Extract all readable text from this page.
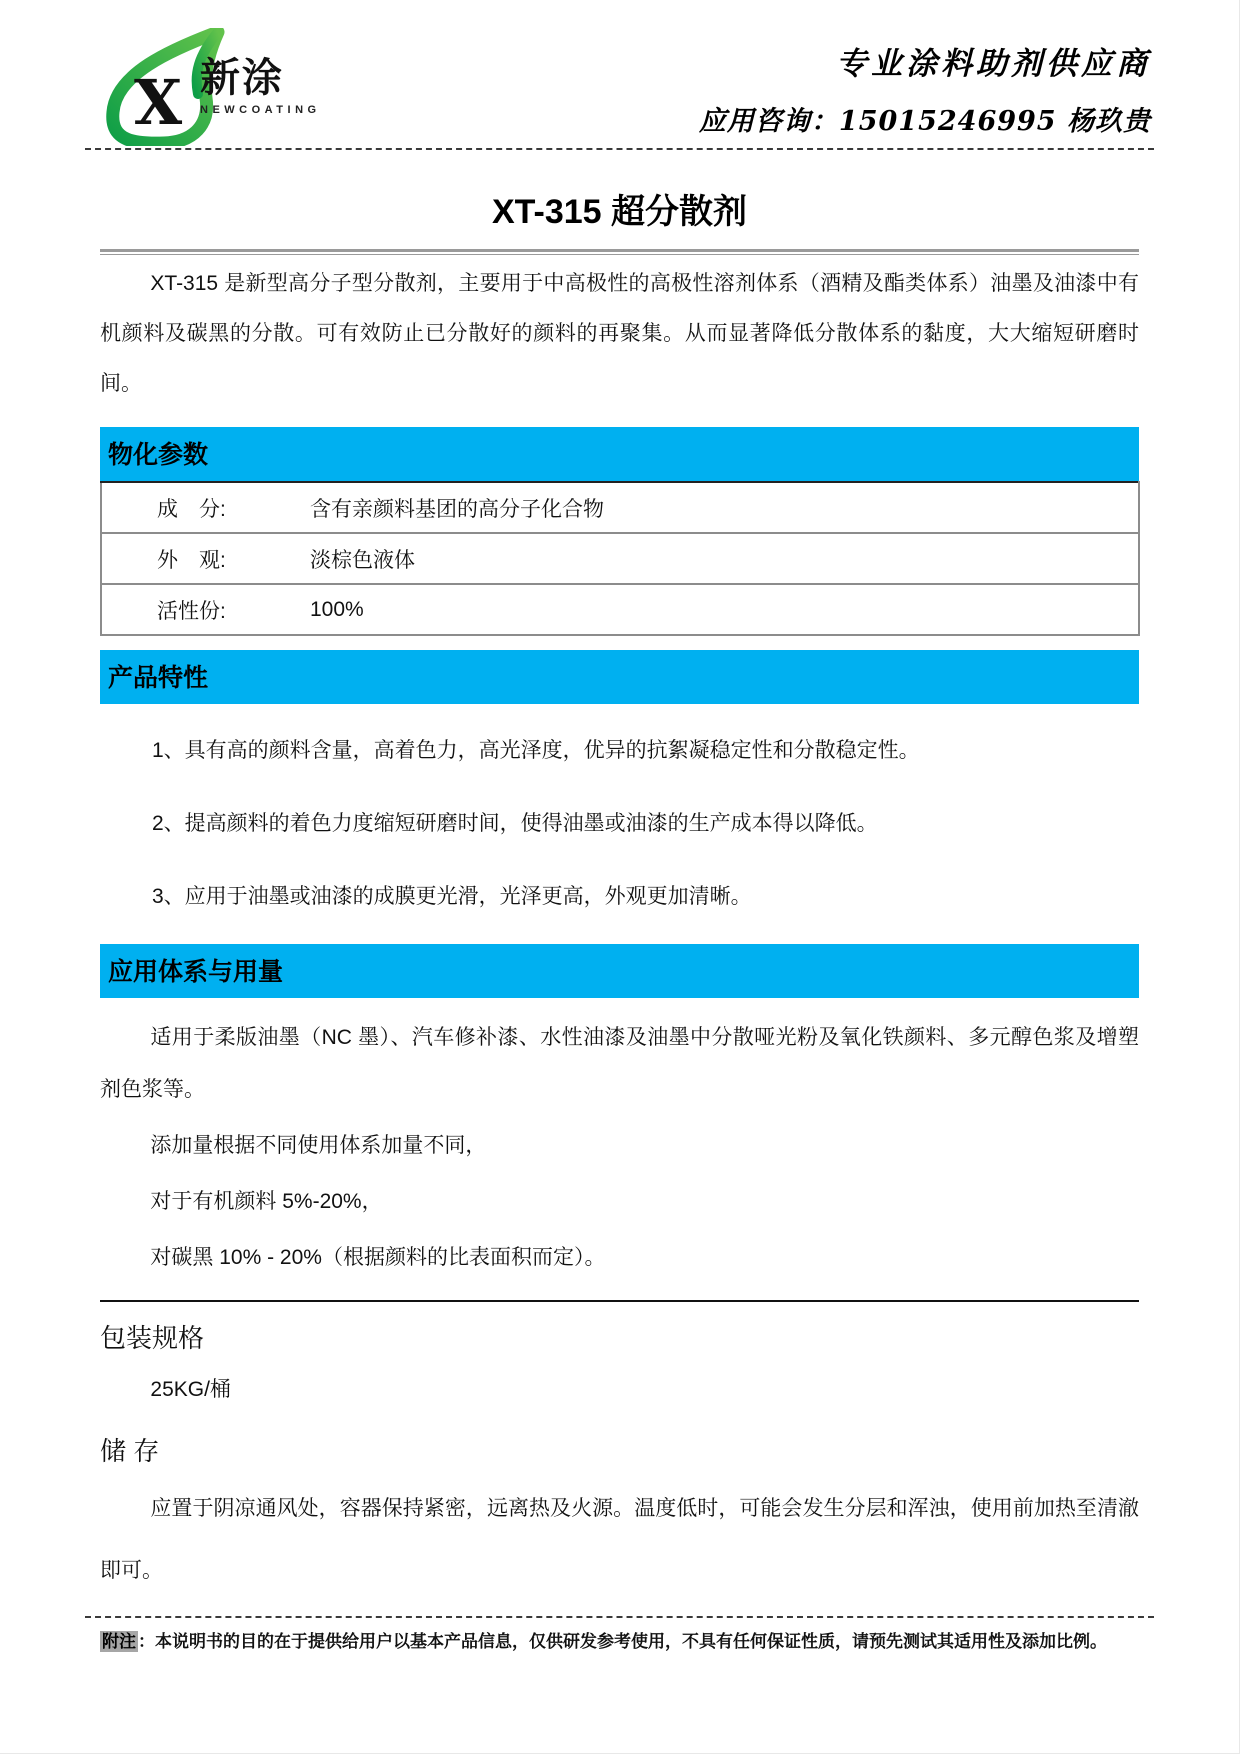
X 新涂
NEWCOATING
专业涂料助剂供应商
应用咨询：15015246995 杨玖贵
XT-315 超分散剂

XT-315 是新型高分子型分散剂，主要用于中高极性的高极性溶剂体系（酒精及酯类体系）油墨及油漆中有机颜料及碳黑的分散。可有效防止已分散好的颜料的再聚集。从而显著降低分散体系的黏度，大大缩短研磨时间。

物化参数
成　分:	含有亲颜料基团的高分子化合物
外　观:	淡棕色液体
活性份:	100%
产品特性

1、具有高的颜料含量，高着色力，高光泽度，优异的抗絮凝稳定性和分散稳定性。

2、提高颜料的着色力度缩短研磨时间，使得油墨或油漆的生产成本得以降低。

3、应用于油墨或油漆的成膜更光滑，光泽更高，外观更加清晰。

应用体系与用量

适用于柔版油墨（NC 墨）、汽车修补漆、水性油漆及油墨中分散哑光粉及氧化铁颜料、多元醇色浆及增塑剂色浆等。

添加量根据不同使用体系加量不同，

对于有机颜料 5%-20%，

对碳黑 10% - 20%（根据颜料的比表面积而定）。

包装规格

25KG/桶

储 存

应置于阴凉通风处，容器保持紧密，远离热及火源。温度低时，可能会发生分层和浑浊，使用前加热至清澈即可。

附注 ：本说明书的目的在于提供给用户以基本产品信息，仅供研发参考使用，不具有任何保证性质，请预先测试其适用性及添加比例。
